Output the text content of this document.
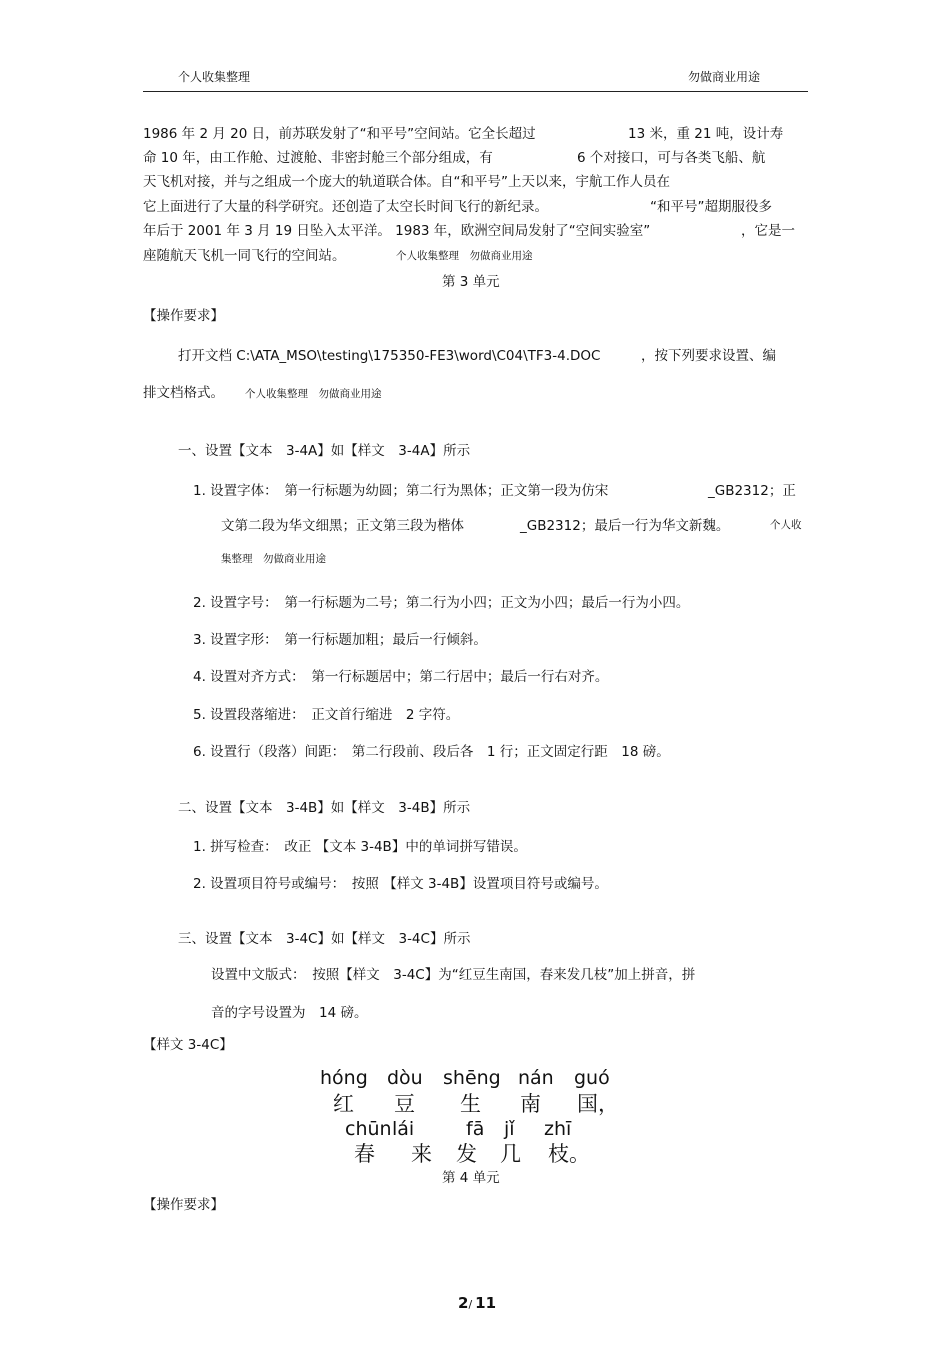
个人收集整理	勿做商业用途
1986 年 2 月 20 日，前苏联发射了“和平号”空间站。它全长超过	13 米，重 21 吨，设计寿
命 10 年，由工作舱、过渡舱、非密封舱三个部分组成，有	6 个对接口，可与各类飞船、航
天飞机对接，并与之组成一个庞大的轨道联合体。自“和平号”上天以来，宇航工作人员在
它上面进行了大量的科学研究。还创造了太空长时间飞行的新纪录。	“和平号”超期服役多
年后于 2001 年 3 月 19 日坠入太平洋。 1983 年，欧洲空间局发射了“空间实验室”	，它是一
座随航天飞机一同飞行的空间站。	个人收集整理　勿做商业用途
第 3 单元
【操作要求】
打开文档 C:\ATA_MSO\testing\175350-FE3\word\C04\TF3-4.DOC	，按下列要求设置、编
排文档格式。 个人收集整理　勿做商业用途
一、设置【文本　3-4A】如【样文　3-4A】所示
1. 设置字体：　第一行标题为幼圆；第二行为黑体；正文第一段为仿宋	_GB2312；正
文第二段为华文细黑；正文第三段为楷体	_GB2312；最后一行为华文新魏。	个人收
集整理　勿做商业用途
2. 设置字号：　第一行标题为二号；第二行为小四；正文为小四；最后一行为小四。
3. 设置字形：　第一行标题加粗；最后一行倾斜。
4. 设置对齐方式：　第一行标题居中；第二行居中；最后一行右对齐。
5. 设置段落缩进：　正文首行缩进　2 字符。
6. 设置行（段落）间距：　第二行段前、段后各　1 行；正文固定行距　18 磅。
二、设置【文本　3-4B】如【样文　3-4B】所示
1. 拼写检查：　改正 【文本 3-4B】中的单词拼写错误。
2. 设置项目符号或编号：　按照 【样文 3-4B】设置项目符号或编号。
三、设置【文本　3-4C】如【样文　3-4C】所示
设置中文版式：　按照【样文　3-4C】为“红豆生南国，春来发几枝”加上拼音，拼
音的字号设置为　14 磅。
【样文 3-4C】
hóng
红
dòu
豆
shēng
生
nán
南
guó
国，
chūn
春
lái
来
fā
发
jǐ
几
zhī
枝。
第 4 单元
【操作要求】
2/ 11
